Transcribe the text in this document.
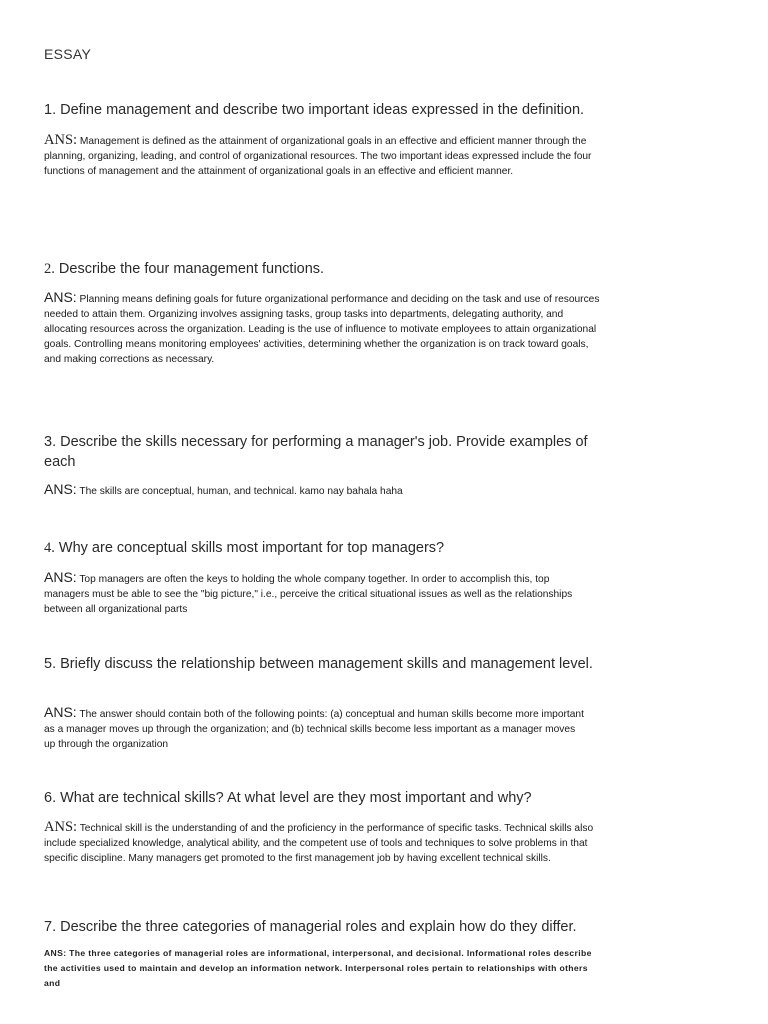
ESSAY
1. Define management and describe two important ideas expressed in the definition.
ANS: Management is defined as the attainment of organizational goals in an effective and efficient manner through the planning, organizing, leading, and control of organizational resources. The two important ideas expressed include the four functions of management and the attainment of organizational goals in an effective and efficient manner.
2. Describe the four management functions.
ANS: Planning means defining goals for future organizational performance and deciding on the task and use of resources needed to attain them. Organizing involves assigning tasks, group tasks into departments, delegating authority, and allocating resources across the organization. Leading is the use of influence to motivate employees to attain organizational goals. Controlling means monitoring employees' activities, determining whether the organization is on track toward goals, and making corrections as necessary.
3. Describe the skills necessary for performing a manager's job. Provide examples of each
ANS: The skills are conceptual, human, and technical. kamo nay bahala haha
4. Why are conceptual skills most important for top managers?
ANS: Top managers are often the keys to holding the whole company together. In order to accomplish this, top managers must be able to see the "big picture," i.e., perceive the critical situational issues as well as the relationships between all organizational parts
5. Briefly discuss the relationship between management skills and management level.
ANS: The answer should contain both of the following points: (a) conceptual and human skills become more important as a manager moves up through the organization; and (b) technical skills become less important as a manager moves up through the organization
6. What are technical skills? At what level are they most important and why?
ANS: Technical skill is the understanding of and the proficiency in the performance of specific tasks. Technical skills also include specialized knowledge, analytical ability, and the competent use of tools and techniques to solve problems in that specific discipline. Many managers get promoted to the first management job by having excellent technical skills.
7. Describe the three categories of managerial roles and explain how do they differ.
ANS: The three categories of managerial roles are informational, interpersonal, and decisional. Informational roles describe the activities used to maintain and develop an information network. Interpersonal roles pertain to relationships with others and
